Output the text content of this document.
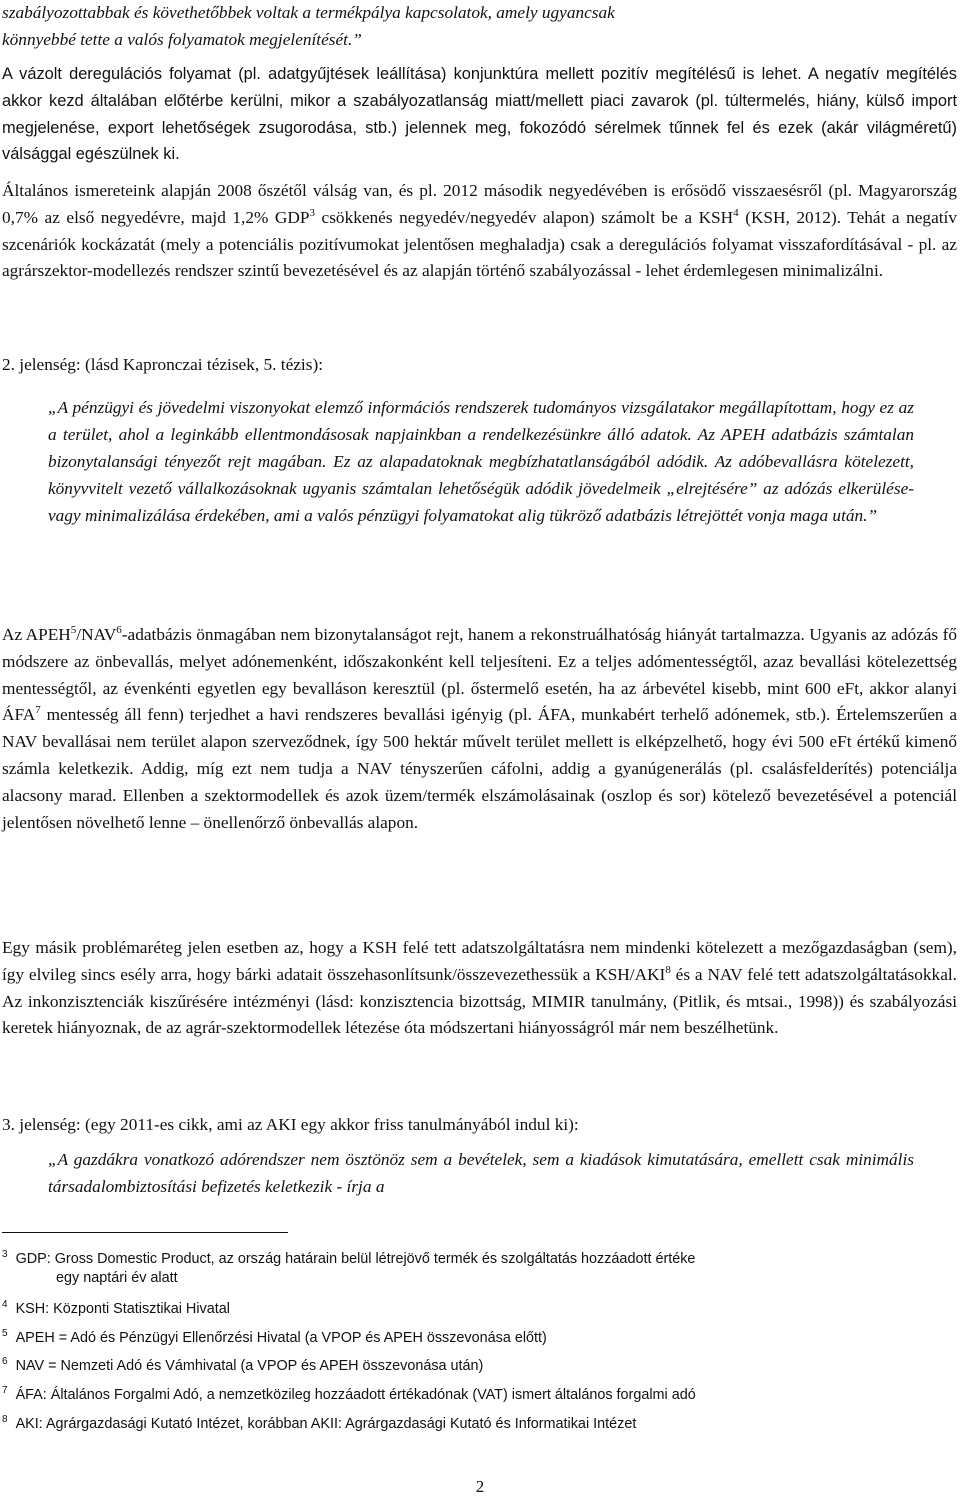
szabályozottabbak és követhetőbbek voltak a termékpálya kapcsolatok, amely ugyancsak
könnyebbé tette a valós folyamatok megjelenítését.”

A vázolt deregulációs folyamat (pl. adatgyűjtések leállítása) konjunktúra mellett pozitív megítélésű is lehet. A negatív megítélés akkor kezd általában előtérbe kerülni, mikor a szabályozatlanság miatt/mellett piaci zavarok (pl. túltermelés, hiány, külső import megjelenése, export lehetőségek zsugorodása, stb.) jelennek meg, fokozódó sérelmek tűnnek fel és ezek (akár világméretű) válsággal egészülnek ki.

Általános ismereteink alapján 2008 őszétől válság van, és pl. 2012 második negyedévében is erősödő visszaesésről (pl. Magyarország 0,7% az első negyedévre, majd 1,2% GDP$^3$ csökkenés negyedév/negyedév alapon) számolt be a KSH$^4$ (KSH, 2012). Tehát a negatív szcenáriók kockázatát (mely a potenciális pozitívumokat jelentősen meghaladja) csak a deregulációs folyamat visszafordításával - pl. az agrárszektor-modellezés rendszer szintű bevezetésével és az alapján történő szabályozással - lehet érdemlegesen minimalizálni.

2. jelenség: (lásd Kapronczai tézisek, 5. tézis):

„A pénzügyi és jövedelmi viszonyokat elemző információs rendszerek tudományos vizsgálatakor megállapítottam, hogy ez az a terület, ahol a leginkább ellentmondásosak napjainkban a rendelkezésünkre álló adatok. Az APEH adatbázis számtalan bizonytalansági tényezőt rejt magában. Ez az alapadatoknak megbízhatatlanságából adódik. Az adóbevallásra kötelezett, könyvvitelt vezető vállalkozásoknak ugyanis számtalan lehetőségük adódik jövedelmeik „elrejtésére” az adózás elkerülése- vagy minimalizálása érdekében, ami a valós pénzügyi folyamatokat alig tükröző adatbázis létrejöttét vonja maga után.”

Az APEH$^5$/NAV$^6$-adatbázis önmagában nem bizonytalanságot rejt, hanem a rekonstruálhatóság hiányát tartalmazza. Ugyanis az adózás fő módszere az önbevallás, melyet adónemenként, időszakonként kell teljesíteni. Ez a teljes adómentességtől, azaz bevallási kötelezettség mentességtől, az évenkénti egyetlen egy bevalláson keresztül (pl. őstermelő esetén, ha az árbevétel kisebb, mint 600 eFt, akkor alanyi ÁFA$^7$ mentesség áll fenn) terjedhet a havi rendszeres bevallási igényig (pl. ÁFA, munkabért terhelő adónemek, stb.). Értelemszerűen a NAV bevallásai nem terület alapon szerveződnek, így 500 hektár művelt terület mellett is elképzelhető, hogy évi 500 eFt értékű kimenő számla keletkezik. Addig, míg ezt nem tudja a NAV tényszerűen cáfolni, addig a gyanúgenerálás (pl. csalásfelderítés) potenciálja alacsony marad. Ellenben a szektormodellek és azok üzem/termék elszámolásainak (oszlop és sor) kötelező bevezetésével a potenciál jelentősen növelhető lenne – önellenőrző önbevallás alapon.

Egy másik problémaréteg jelen esetben az, hogy a KSH felé tett adatszolgáltatásra nem mindenki kötelezett a mezőgazdaságban (sem), így elvileg sincs esély arra, hogy bárki adatait összehasonlítsunk/összevezethessük a KSH/AKI$^8$ és a NAV felé tett adatszolgáltatásokkal. Az inkonzisztenciák kiszűrésére intézményi (lásd: konzisztencia bizottság, MIMIR tanulmány, (Pitlik, és mtsai., 1998)) és szabályozási keretek hiányoznak, de az agrár-szektormodellek létezése óta módszertani hiányosságról már nem beszélhetünk.

3. jelenség: (egy 2011-es cikk, ami az AKI egy akkor friss tanulmányából indul ki):

„A gazdákra vonatkozó adórendszer nem ösztönöz sem a bevételek, sem a kiadások kimutatására, emellett csak minimális társadalombiztosítási befizetés keletkezik - írja a

$^3$ GDP: Gross Domestic Product, az ország határain belül létrejövő termék és szolgáltatás hozzáadott értéke
egy naptári év alatt

$^4$ KSH: Központi Statisztikai Hivatal

$^5$ APEH = Adó és Pénzügyi Ellenőrzési Hivatal (a VPOP és APEH összevonása előtt)

$^6$ NAV = Nemzeti Adó és Vámhivatal (a VPOP és APEH összevonása után)

$^7$ ÁFA: Általános Forgalmi Adó, a nemzetközileg hozzáadott értékadónak (VAT) ismert általános forgalmi adó

$^8$ AKI: Agrárgazdasági Kutató Intézet, korábban AKII: Agrárgazdasági Kutató és Informatikai Intézet

2
